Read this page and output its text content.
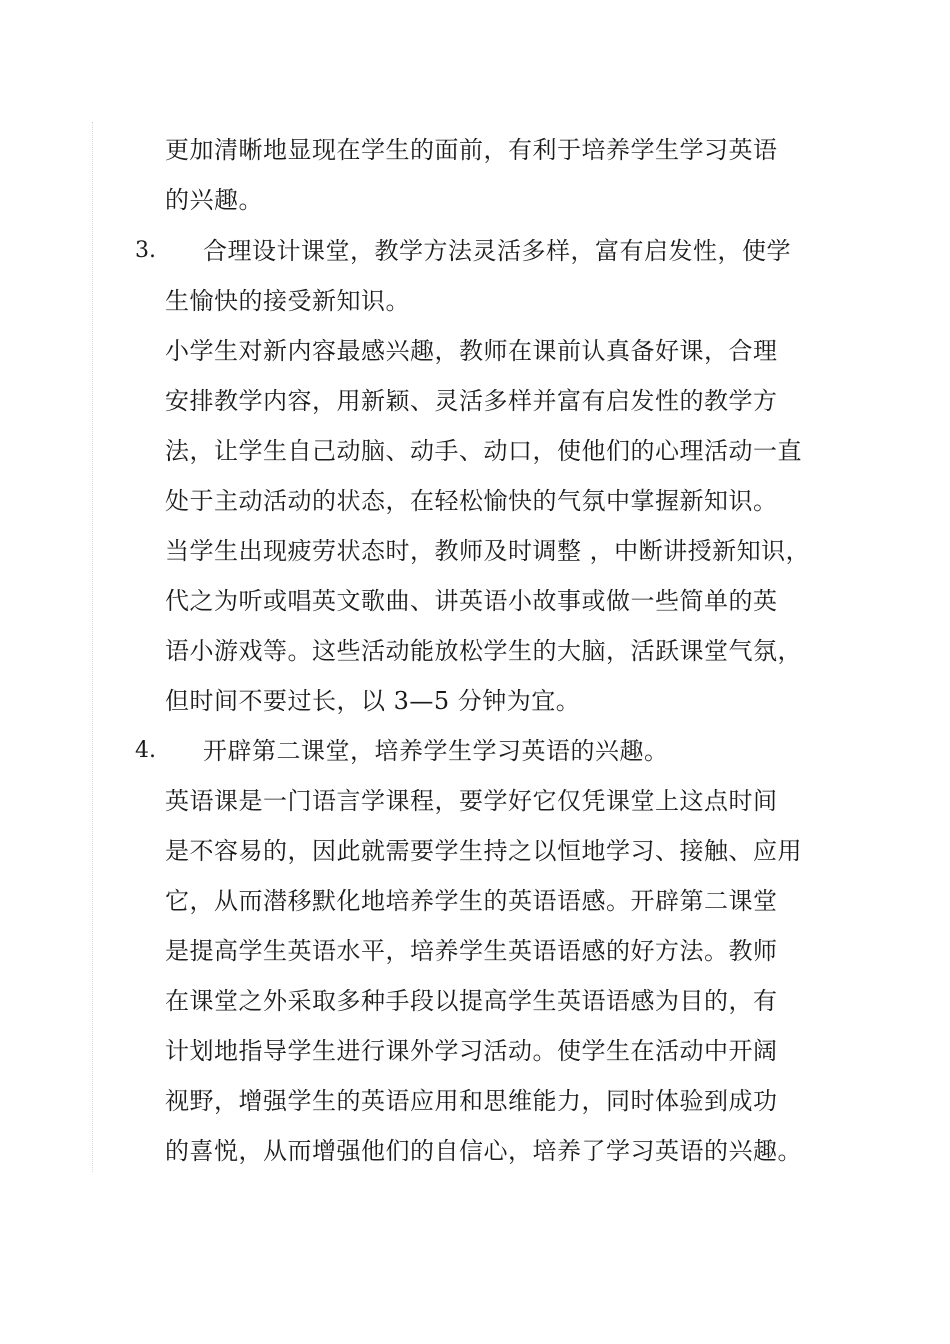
更加清晰地显现在学生的面前，有利于培养学生学习英语
的兴趣。
3. 合理设计课堂，教学方法灵活多样，富有启发性，使学
生愉快的接受新知识。
小学生对新内容最感兴趣，教师在课前认真备好课，合理
安排教学内容，用新颖、灵活多样并富有启发性的教学方
法，让学生自己动脑、动手、动口，使他们的心理活动一直
处于主动活动的状态，在轻松愉快的气氛中掌握新知识。
当学生出现疲劳状态时，教师及时调整 ，中断讲授新知识，
代之为听或唱英文歌曲、讲英语小故事或做一些简单的英
语小游戏等。这些活动能放松学生的大脑，活跃课堂气氛，
但时间不要过长，以 3—5 分钟为宜。
4. 开辟第二课堂，培养学生学习英语的兴趣。
英语课是一门语言学课程，要学好它仅凭课堂上这点时间
是不容易的，因此就需要学生持之以恒地学习、接触、应用
它，从而潜移默化地培养学生的英语语感。开辟第二课堂
是提高学生英语水平，培养学生英语语感的好方法。教师
在课堂之外采取多种手段以提高学生英语语感为目的，有
计划地指导学生进行课外学习活动。使学生在活动中开阔
视野，增强学生的英语应用和思维能力，同时体验到成功
的喜悦，从而增强他们的自信心，培养了学习英语的兴趣。
